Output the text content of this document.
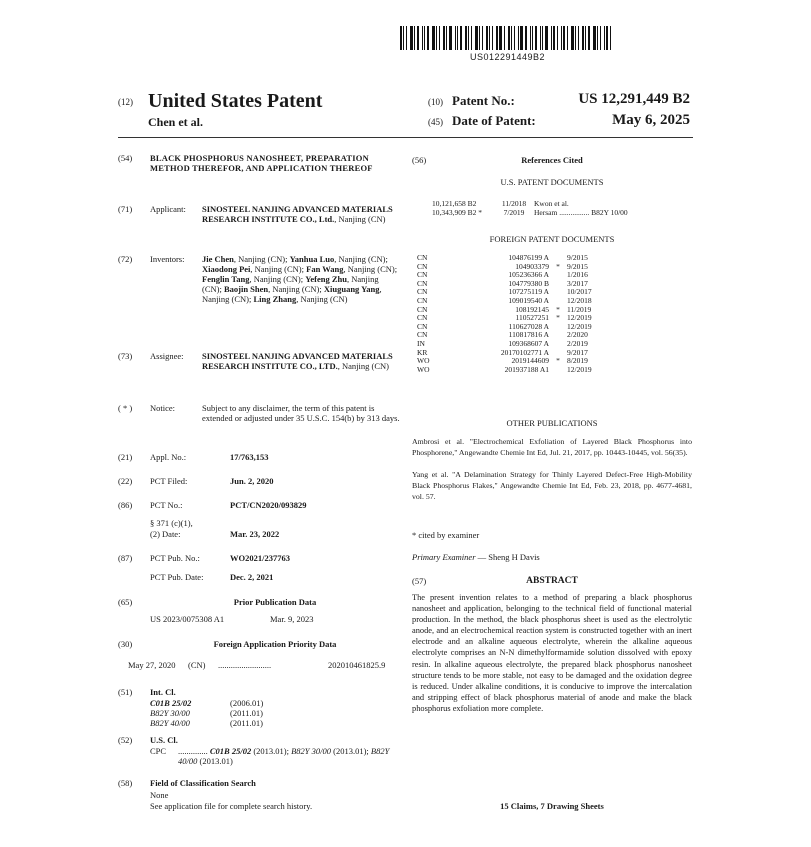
US012291449B2
(12) United States Patent
Chen et al.
(10) Patent No.:	US 12,291,449 B2
(45) Date of Patent:	May 6, 2025
(54)	BLACK PHOSPHORUS NANOSHEET, PREPARATION METHOD THEREFOR, AND APPLICATION THEREOF
(71)	Applicant:	SINOSTEEL NANJING ADVANCED MATERIALS RESEARCH INSTITUTE CO., Ltd., Nanjing (CN)
(72)	Inventors:	Jie Chen, Nanjing (CN); Yanhua Luo, Nanjing (CN); Xiaodong Pei, Nanjing (CN); Fan Wang, Nanjing (CN); Fenglin Tang, Nanjing (CN); Yefeng Zhu, Nanjing (CN); Baojin Shen, Nanjing (CN); Xiuguang Yang, Nanjing (CN); Ling Zhang, Nanjing (CN)
(73)	Assignee:	SINOSTEEL NANJING ADVANCED MATERIALS RESEARCH INSTITUTE CO., LTD., Nanjing (CN)
( * )	Notice:	Subject to any disclaimer, the term of this patent is extended or adjusted under 35 U.S.C. 154(b) by 313 days.
(21)	Appl. No.:	17/763,153
(22)	PCT Filed:	Jun. 2, 2020
(86)	PCT No.:	PCT/CN2020/093829
§ 371 (c)(1),
(2) Date:	Mar. 23, 2022
(87)	PCT Pub. No.:	WO2021/237763
PCT Pub. Date:	Dec. 2, 2021
(65)	Prior Publication Data
US 2023/0075308 A1	Mar. 9, 2023
(30)	Foreign Application Priority Data
May 27, 2020	(CN)	.........................	202010461825.9
(51)	Int. Cl.
C01B 25/02	(2006.01)
B82Y 30/00	(2011.01)
B82Y 40/00	(2011.01)
(52)	U.S. Cl.
CPC	.............. C01B 25/02 (2013.01); B82Y 30/00 (2013.01); B82Y 40/00 (2013.01)
(58)	Field of Classification Search
None
See application file for complete search history.
(56)	References Cited
U.S. PATENT DOCUMENTS
10,121,658 B2	11/2018	Kwon et al.
10,343,909 B2 *	7/2019	Hersam ................ B82Y 10/00
FOREIGN PATENT DOCUMENTS
CN	104876199 A 9/2015
CN	104903379 * 9/2015
CN	105236366 A 1/2016
CN	104779380 B 3/2017
CN	107275119 A 10/2017
CN	109019540 A 12/2018
CN	108192145 * 11/2019
CN	110527251 * 12/2019
CN	110627028 A 12/2019
CN	110817816 A 2/2020
IN	109368607 A 2/2019
KR	20170102771 A 9/2017
WO	2019144609 * 8/2019
WO	201937188 A1 12/2019
OTHER PUBLICATIONS
Ambrosi et al. "Electrochemical Exfoliation of Layered Black Phosphorus into Phosphorene," Angewandte Chemie Int Ed, Jul. 21, 2017, pp. 10443-10445, vol. 56(35).
Yang et al. "A Delamination Strategy for Thinly Layered Defect-Free High-Mobility Black Phosphorus Flakes," Angewandte Chemie Int Ed, Feb. 23, 2018, pp. 4677-4681, vol. 57.
* cited by examiner
Primary Examiner — Sheng H Davis
(57)	ABSTRACT
The present invention relates to a method of preparing a black phosphorus nanosheet and application, belonging to the technical field of functional material production. In the method, the black phosphorus sheet is used as the electrolytic anode, and an electrochemical reaction system is constructed together with an inert electrode and an alkaline aqueous electrolyte, wherein the alkaline aqueous electrolyte comprises an N-N dimethylformamide solution dissolved with epoxy resin. In alkaline aqueous electrolyte, the prepared black phosphorus nanosheet structure tends to be more stable, not easy to be damaged and the oxidation degree is reduced. Under alkaline conditions, it is conducive to improve the intercalation and stripping effect of black phosphorus material of anode and make the black phosphorus exfoliation more complete.
15 Claims, 7 Drawing Sheets
